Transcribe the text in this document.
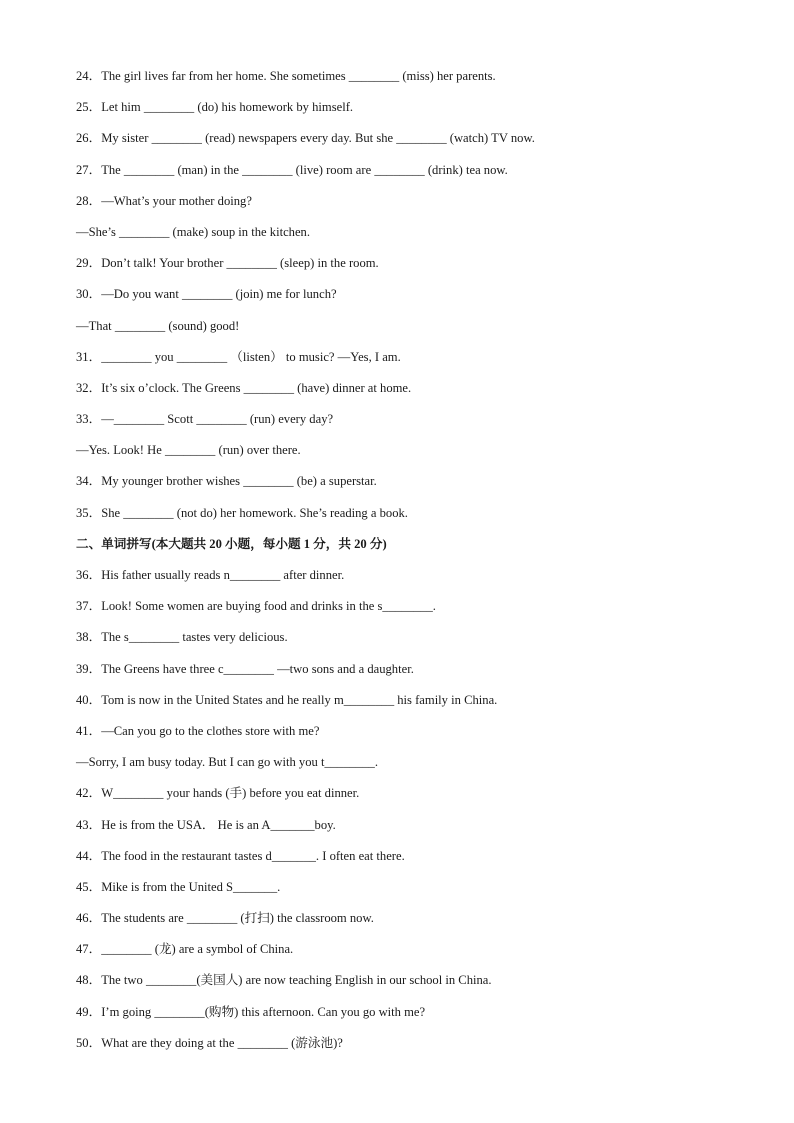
24．The girl lives far from her home. She sometimes ________ (miss) her parents.
25．Let him ________ (do) his homework by himself.
26．My sister ________ (read) newspapers every day. But she ________ (watch) TV now.
27．The ________ (man) in the ________ (live) room are ________ (drink) tea now.
28．—What’s your mother doing?
—She’s ________ (make) soup in the kitchen.
29．Don’t talk! Your brother ________ (sleep) in the room.
30．—Do you want ________ (join) me for lunch?
—That ________ (sound) good!
31．________ you ________ （listen） to music? —Yes, I am.
32．It’s six o’clock. The Greens ________ (have) dinner at home.
33．—________ Scott ________ (run) every day?
—Yes. Look! He ________ (run) over there.
34．My younger brother wishes ________ (be) a superstar.
35．She ________ (not do) her homework. She’s reading a book.
二、单词拼写(本大题共 20 小题，每小题 1 分，共 20 分)
36．His father usually reads n________ after dinner.
37．Look! Some women are buying food and drinks in the s________.
38．The s________ tastes very delicious.
39．The Greens have three c________ —two sons and a daughter.
40．Tom is now in the United States and he really m________ his family in China.
41．—Can you go to the clothes store with me?
—Sorry, I am busy today. But I can go with you t________.
42．W________ your hands (手) before you eat dinner.
43．He is from the USA． He is an A_______boy.
44．The food in the restaurant tastes d_______. I often eat there.
45．Mike is from the United S_______.
46．The students are ________ (打扫) the classroom now.
47．________ (龙) are a symbol of China.
48．The two ________(美国人) are now teaching English in our school in China.
49．I’m going ________(购物) this afternoon. Can you go with me?
50．What are they doing at the ________ (游泳池)?
